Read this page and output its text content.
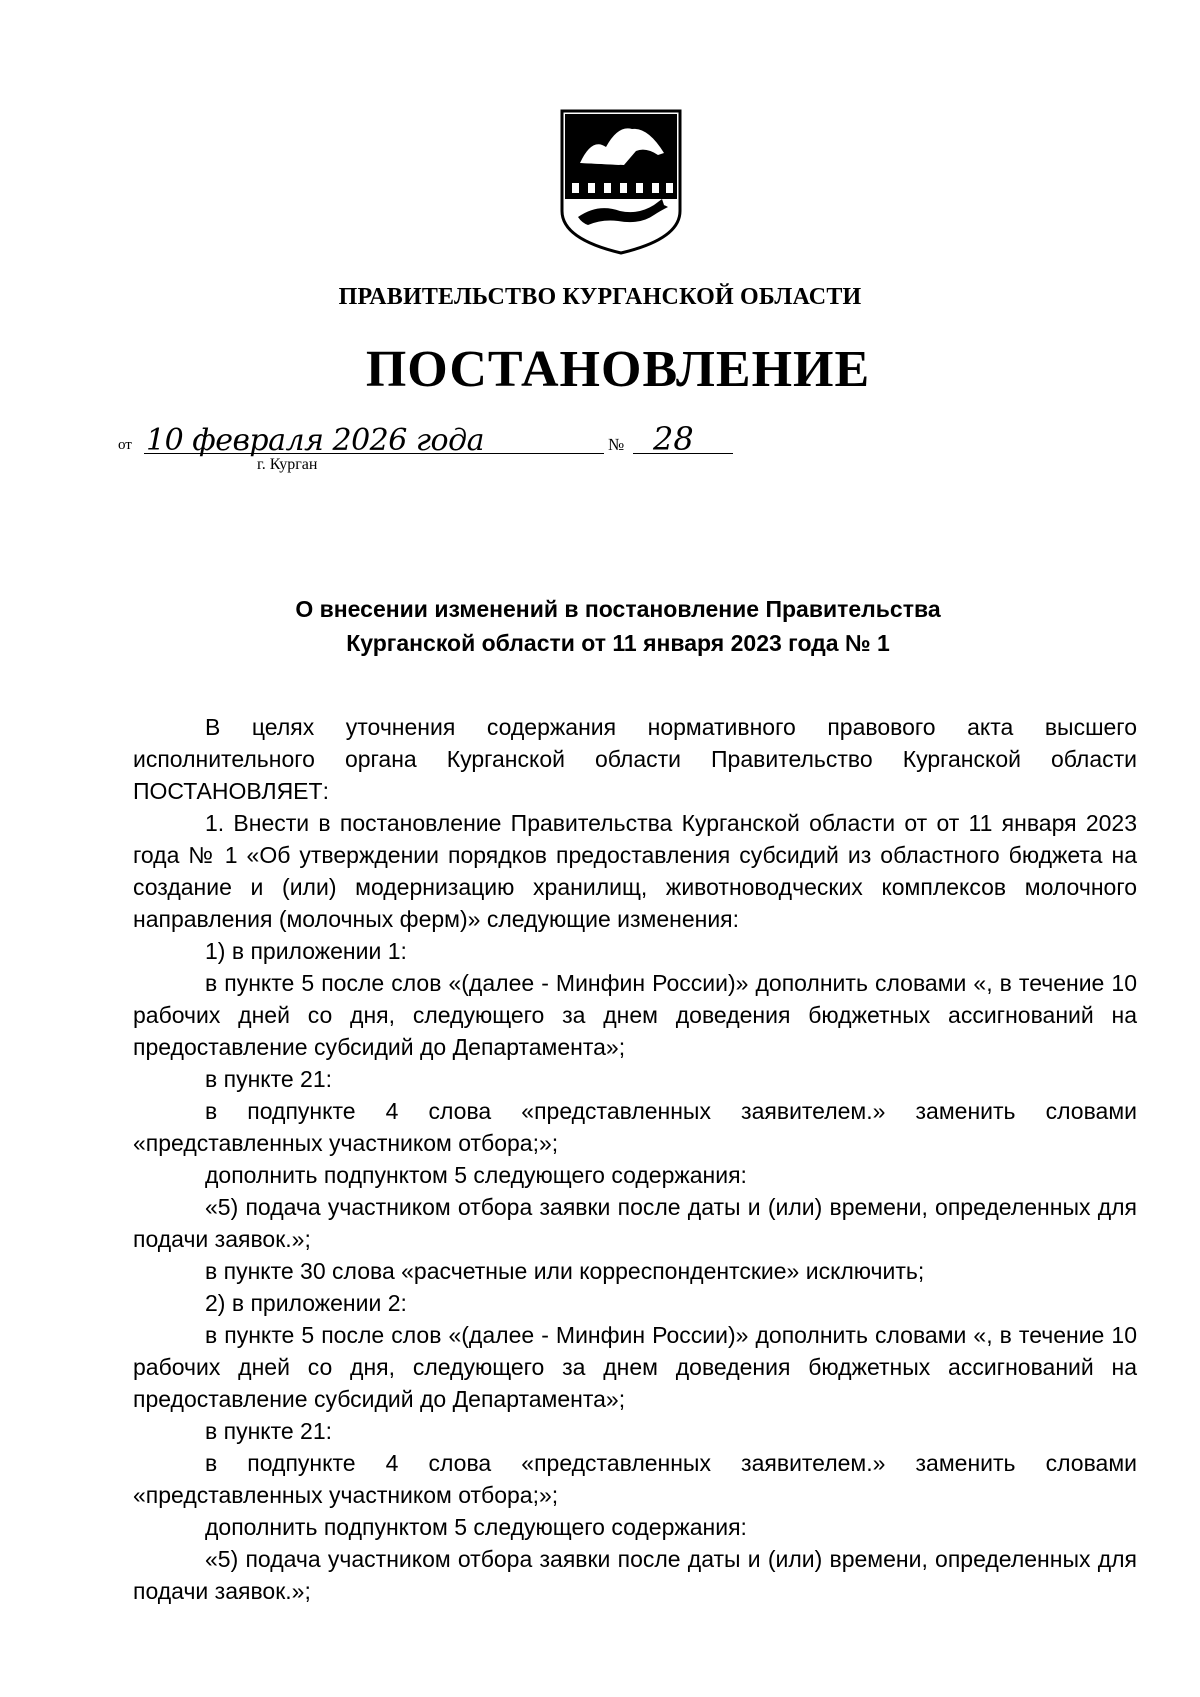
ПРАВИТЕЛЬСТВО КУРГАНСКОЙ ОБЛАСТИ
ПОСТАНОВЛЕНИЕ
от 10 февраля 2026 года	№ 28
г. Курган
О внесении изменений в постановление Правительства
Курганской области от 11 января 2023 года № 1

В целях уточнения содержания нормативного правового акта высшего исполнительного органа Курганской области Правительство Курганской области ПОСТАНОВЛЯЕТ:

1. Внести в постановление Правительства Курганской области от от 11 января 2023 года № 1 «Об утверждении порядков предоставления субсидий из областного бюджета на создание и (или) модернизацию хранилищ, животноводческих комплексов молочного направления (молочных ферм)» следующие изменения:

1) в приложении 1:

в пункте 5 после слов «(далее - Минфин России)» дополнить словами «, в течение 10 рабочих дней со дня, следующего за днем доведения бюджетных ассигнований на предоставление субсидий до Департамента»;

в пункте 21:

в подпункте 4 слова «представленных заявителем.» заменить словами «представленных участником отбора;»;

дополнить подпунктом 5 следующего содержания:

«5) подача участником отбора заявки после даты и (или) времени, определенных для подачи заявок.»;

в пункте 30 слова «расчетные или корреспондентские» исключить;

2) в приложении 2:

в пункте 5 после слов «(далее - Минфин России)» дополнить словами «, в течение 10 рабочих дней со дня, следующего за днем доведения бюджетных ассигнований на предоставление субсидий до Департамента»;

в пункте 21:

в подпункте 4 слова «представленных заявителем.» заменить словами «представленных участником отбора;»;

дополнить подпунктом 5 следующего содержания:

«5) подача участником отбора заявки после даты и (или) времени, определенных для подачи заявок.»;
